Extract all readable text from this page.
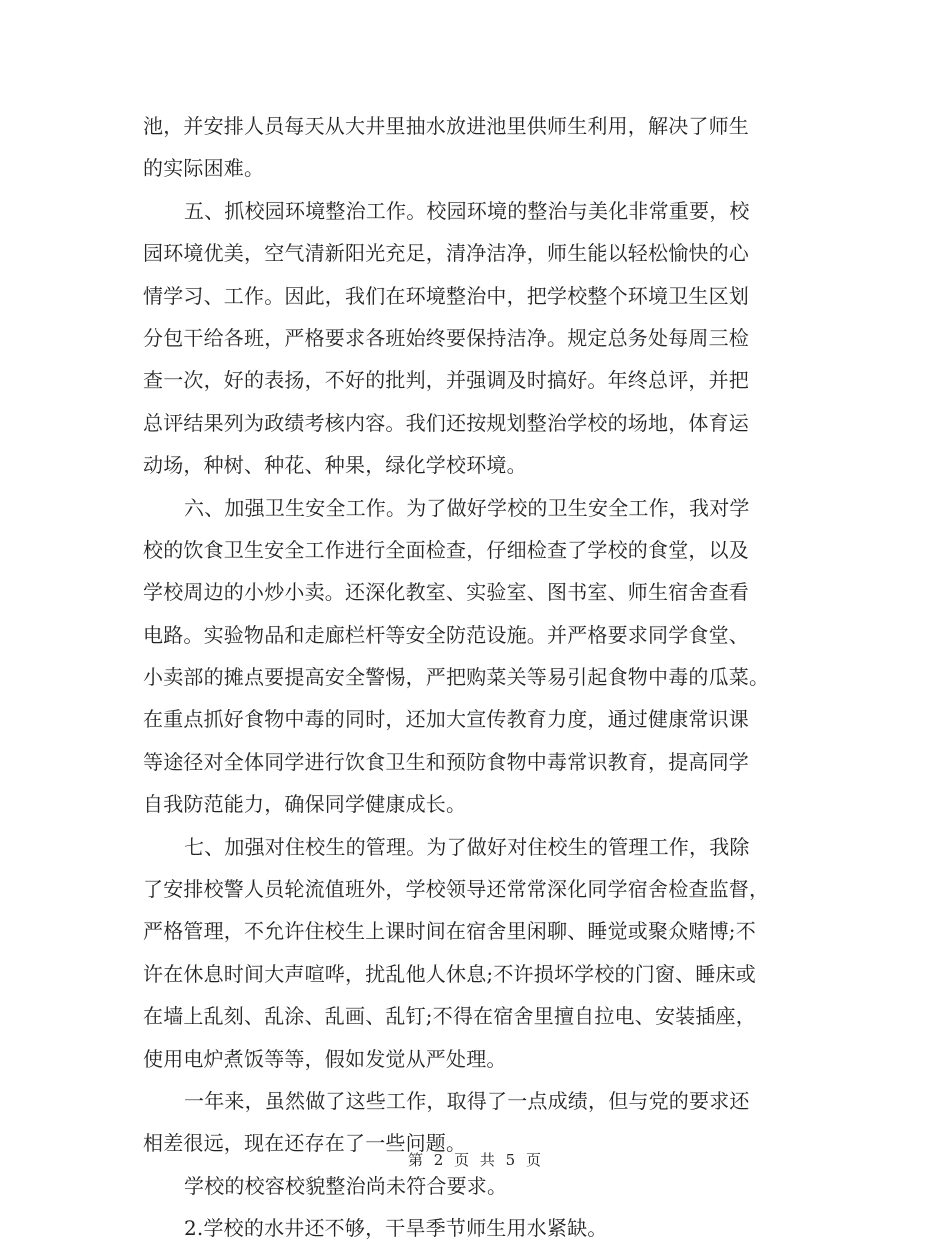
池，并安排人员每天从大井里抽水放进池里供师生利用，解决了师生
的实际困难。
五、抓校园环境整治工作。校园环境的整治与美化非常重要，校
园环境优美，空气清新阳光充足，清净洁净，师生能以轻松愉快的心
情学习、工作。因此，我们在环境整治中，把学校整个环境卫生区划
分包干给各班，严格要求各班始终要保持洁净。规定总务处每周三检
查一次，好的表扬，不好的批判，并强调及时搞好。年终总评，并把
总评结果列为政绩考核内容。我们还按规划整治学校的场地，体育运
动场，种树、种花、种果，绿化学校环境。
六、加强卫生安全工作。为了做好学校的卫生安全工作，我对学
校的饮食卫生安全工作进行全面检查，仔细检查了学校的食堂，以及
学校周边的小炒小卖。还深化教室、实验室、图书室、师生宿舍查看
电路。实验物品和走廊栏杆等安全防范设施。并严格要求同学食堂、
小卖部的摊点要提高安全警惕，严把购菜关等易引起食物中毒的瓜菜。
在重点抓好食物中毒的同时，还加大宣传教育力度，通过健康常识课
等途径对全体同学进行饮食卫生和预防食物中毒常识教育，提高同学
自我防范能力，确保同学健康成长。
七、加强对住校生的管理。为了做好对住校生的管理工作，我除
了安排校警人员轮流值班外，学校领导还常常深化同学宿舍检查监督，
严格管理，不允许住校生上课时间在宿舍里闲聊、睡觉或聚众赌博;不
许在休息时间大声喧哗，扰乱他人休息;不许损坏学校的门窗、睡床或
在墙上乱刻、乱涂、乱画、乱钉;不得在宿舍里擅自拉电、安装插座，
使用电炉煮饭等等，假如发觉从严处理。
一年来，虽然做了这些工作，取得了一点成绩，但与党的要求还
相差很远，现在还存在了一些问题。
学校的校容校貌整治尚未符合要求。
2.学校的水井还不够，干旱季节师生用水紧缺。
第 2 页 共 5 页
